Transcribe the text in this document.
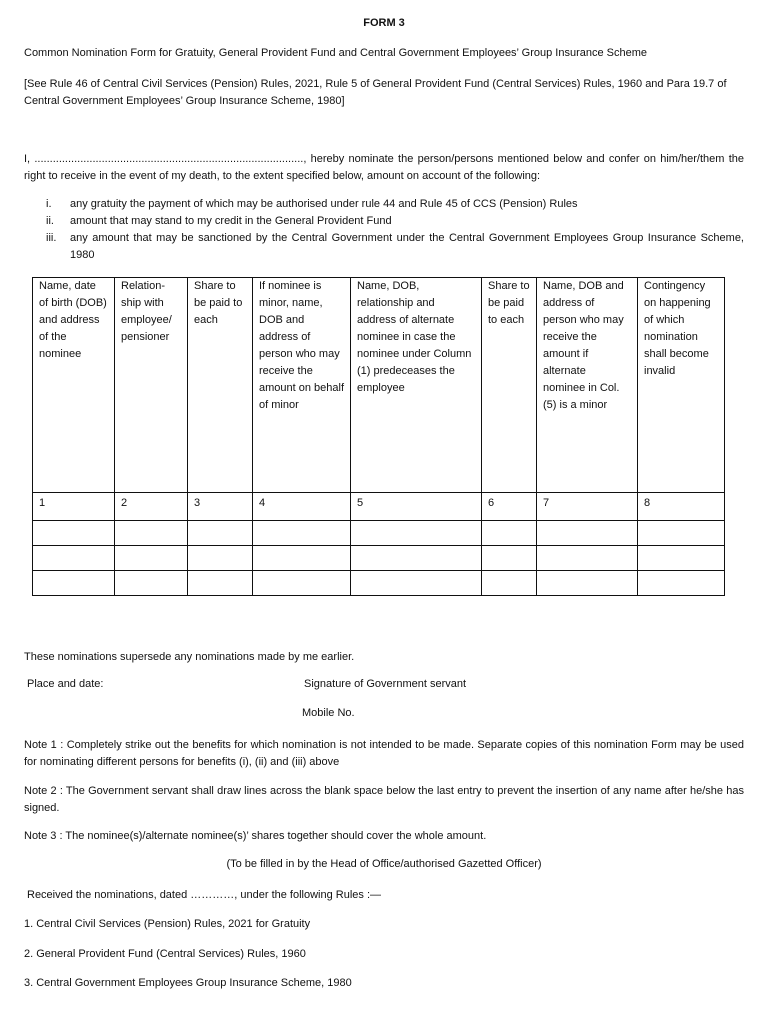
FORM 3
Common Nomination Form for Gratuity, General Provident Fund and Central Government Employees’ Group Insurance Scheme
[See Rule 46 of Central Civil Services (Pension) Rules, 2021, Rule 5 of General Provident Fund (Central Services) Rules, 1960 and Para 19.7 of Central Government Employees’ Group Insurance Scheme, 1980]
I, ........................................................................................, hereby nominate the person/persons mentioned below and confer on him/her/them the right to receive in the event of my death, to the extent specified below, amount on account of the following:
i.	any gratuity the payment of which may be authorised under rule 44 and Rule 45 of CCS (Pension) Rules
ii.	amount that may stand to my credit in the General Provident Fund
iii.	any amount that may be sanctioned by the Central Government under the Central Government Employees Group Insurance Scheme, 1980
Name, date of birth (DOB) and address of the nominee	Relation-ship with employee/ pensioner	Share to be paid to each	If nominee is minor, name, DOB and address of person who may receive the amount on behalf of minor	Name, DOB, relationship and address of alternate nominee in case the nominee under Column (1) predeceases the employee	Share to be paid to each	Name, DOB and address of person who may receive the amount if alternate nominee in Col. (5) is a minor	Contingency on happening of which nomination shall become invalid
1	2	3	4	5	6	7	8

These nominations supersede any nominations made by me earlier.
Place and date:	Signature of Government servant
Mobile No.
Note 1 : Completely strike out the benefits for which nomination is not intended to be made. Separate copies of this nomination Form may be used for nominating different persons for benefits (i), (ii) and (iii) above
Note 2 : The Government servant shall draw lines across the blank space below the last entry to prevent the insertion of any name after he/she has signed.
Note 3 : The nominee(s)/alternate nominee(s)’ shares together should cover the whole amount.
(To be filled in by the Head of Office/authorised Gazetted Officer)
Received the nominations, dated …………, under the following Rules :—
1. Central Civil Services (Pension) Rules, 2021 for Gratuity
2. General Provident Fund (Central Services) Rules, 1960
3. Central Government Employees Group Insurance Scheme, 1980
